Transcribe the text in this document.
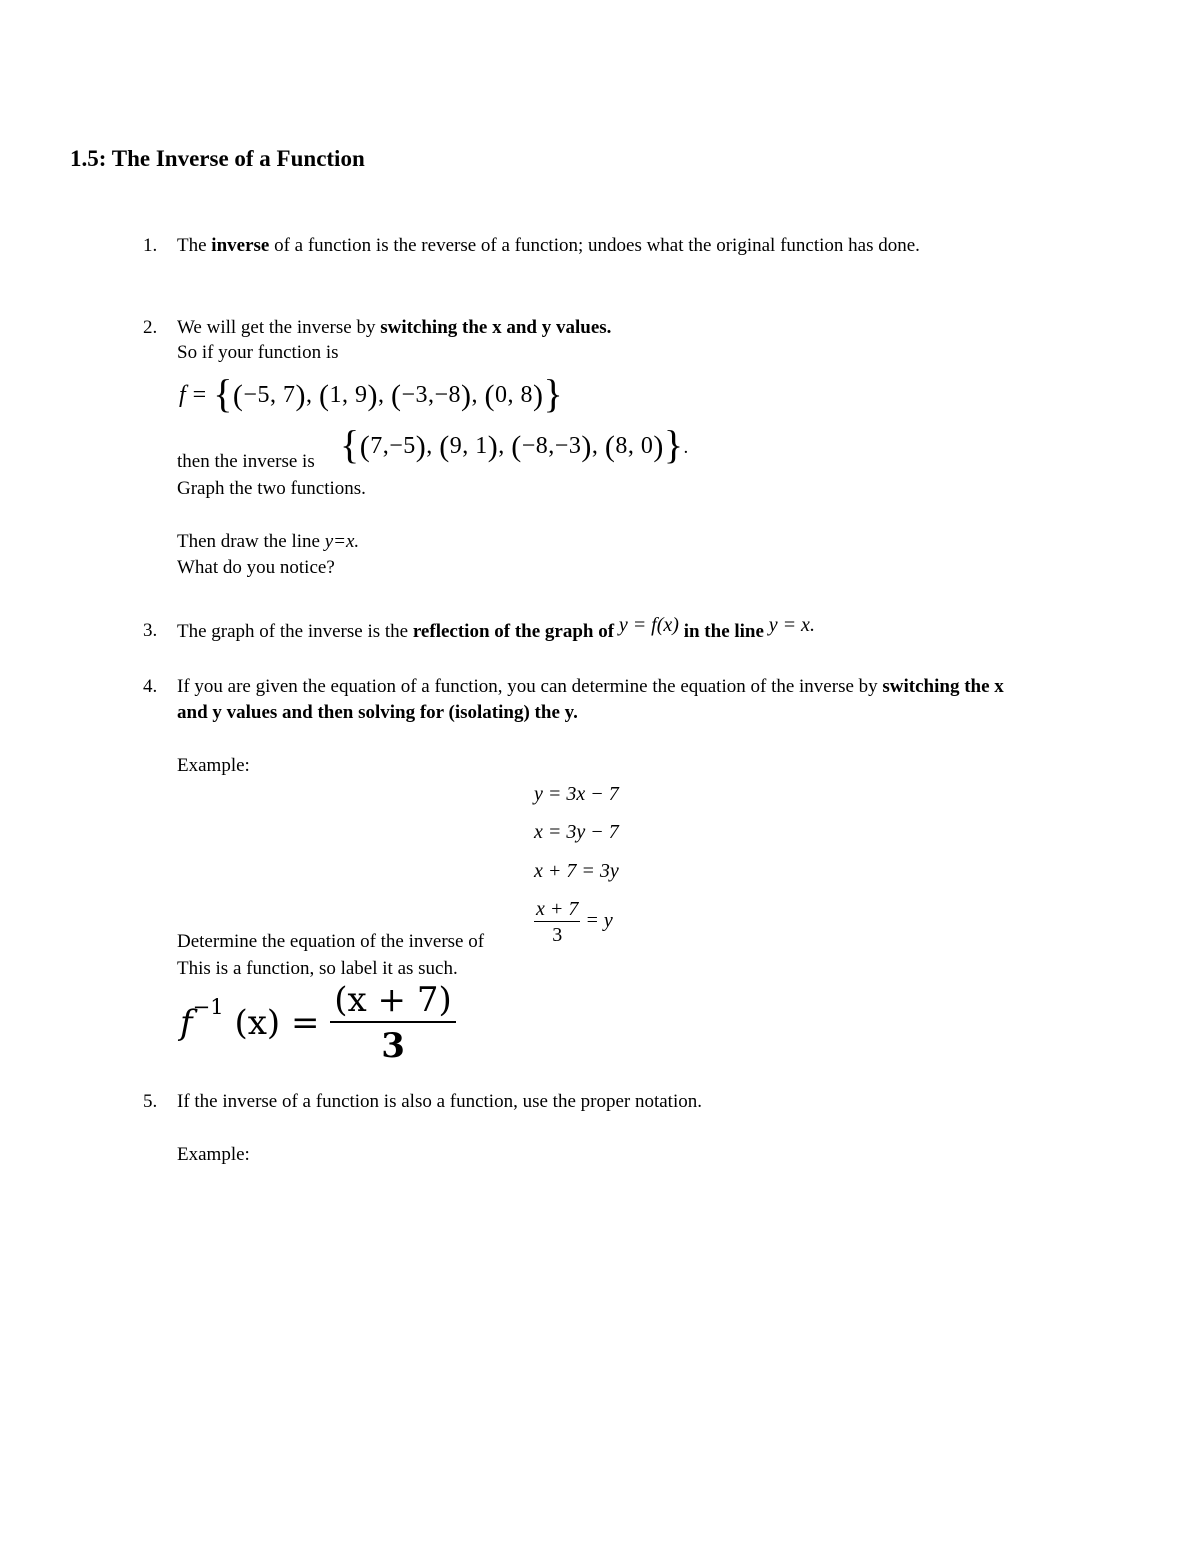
1.5: The Inverse of a Function
1. The inverse of a function is the reverse of a function; undoes what the original function has done.
2. We will get the inverse by switching the x and y values.
So if your function is
f = {(−5, 7), (1, 9), (−3,−8), (0, 8)}
then the inverse is {(7,−5), (9, 1), (−8,−3), (8, 0)}.
Graph the two functions.
Then draw the line y=x.
What do you notice?
3. The graph of the inverse is the reflection of the graph of y = f(x) in the line y = x.
4. If you are given the equation of a function, you can determine the equation of the inverse by switching the x
and y values and then solving for (isolating) the y.
Example:
y = 3x − 7
x = 3y − 7
x + 7 = 3y
$\frac{x + 7}{3} = y$
Determine the equation of the inverse of
This is a function, so label it as such.
$f^{-1}$ $(x) = \frac{(x + 7)}{3}$
5. If the inverse of a function is also a function, use the proper notation.
Example:
